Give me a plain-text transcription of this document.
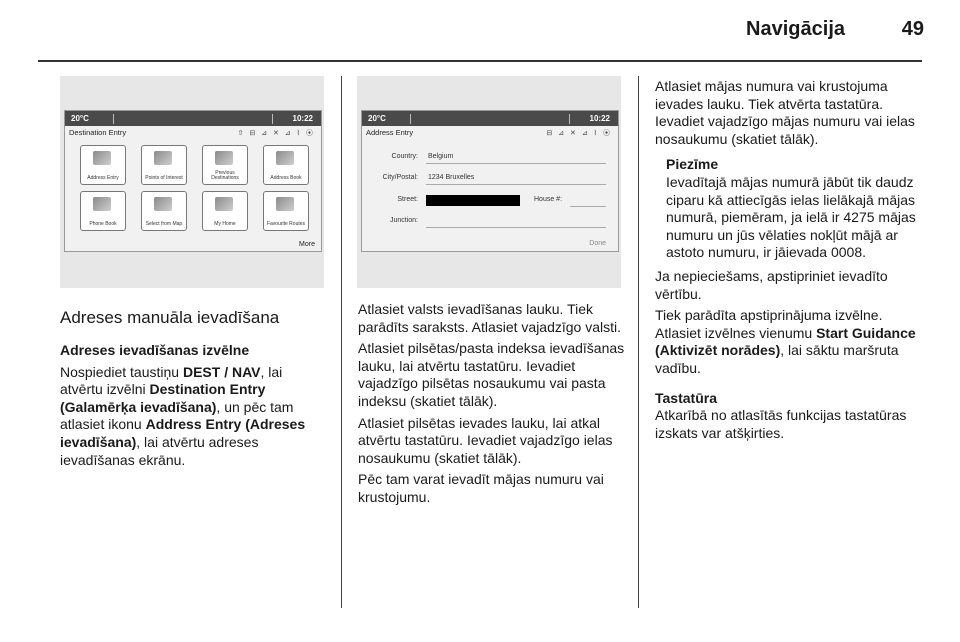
Navigācija	49
20°C	10:22
Destination Entry	⇧ ⊟ ⊿ ✕ ⊿ ⌇ ⦿
Address Entry	Points of Interest
Previous Destinations	Address Book
Phone Book	Select from Map	My Home	Favourite Routes
More
20°C	10:22
Address Entry	⊟ ⊿ ✕ ⊿ ⌇ ⦿
Country: Belgium
City/Postal: 1234 Bruxelles
Street:	House #:
Junction:
Done
Adreses manuāla ievadīšana

Adreses ievadīšanas izvēlne

Nospiediet taustiņu DEST / NAV, lai atvērtu izvēlni Destination Entry (Galamērķa ievadīšana), un pēc tam atlasiet ikonu Address Entry (Adreses ievadīšana), lai atvērtu adreses ievadīšanas ekrānu.

Atlasiet valsts ievadīšanas lauku. Tiek parādīts saraksts. Atlasiet vajadzīgo valsti.

Atlasiet pilsētas/pasta indeksa ievadīšanas lauku, lai atvērtu tastatūru. Ievadiet vajadzīgo pilsētas nosaukumu vai pasta indeksu (skatiet tālāk).

Atlasiet pilsētas ievades lauku, lai atkal atvērtu tastatūru. Ievadiet vajadzīgo ielas nosaukumu (skatiet tālāk).

Pēc tam varat ievadīt mājas numuru vai krustojumu.

Atlasiet mājas numura vai krustojuma ievades lauku. Tiek atvērta tastatūra. Ievadiet vajadzīgo mājas numuru vai ielas nosaukumu (skatiet tālāk).

Piezīme
Ievadītajā mājas numurā jābūt tik daudz ciparu kā attiecīgās ielas lielākajā mājas numurā, piemēram, ja ielā ir 4275 mājas numuru un jūs vēlaties nokļūt mājā ar astoto numuru, ir jāievada 0008.

Ja nepieciešams, apstipriniet ievadīto vērtību.

Tiek parādīta apstiprinājuma izvēlne. Atlasiet izvēlnes vienumu Start Guidance (Aktivizēt norādes), lai sāktu maršruta vadību.

Tastatūra

Atkarībā no atlasītās funkcijas tastatūras izskats var atšķirties.
